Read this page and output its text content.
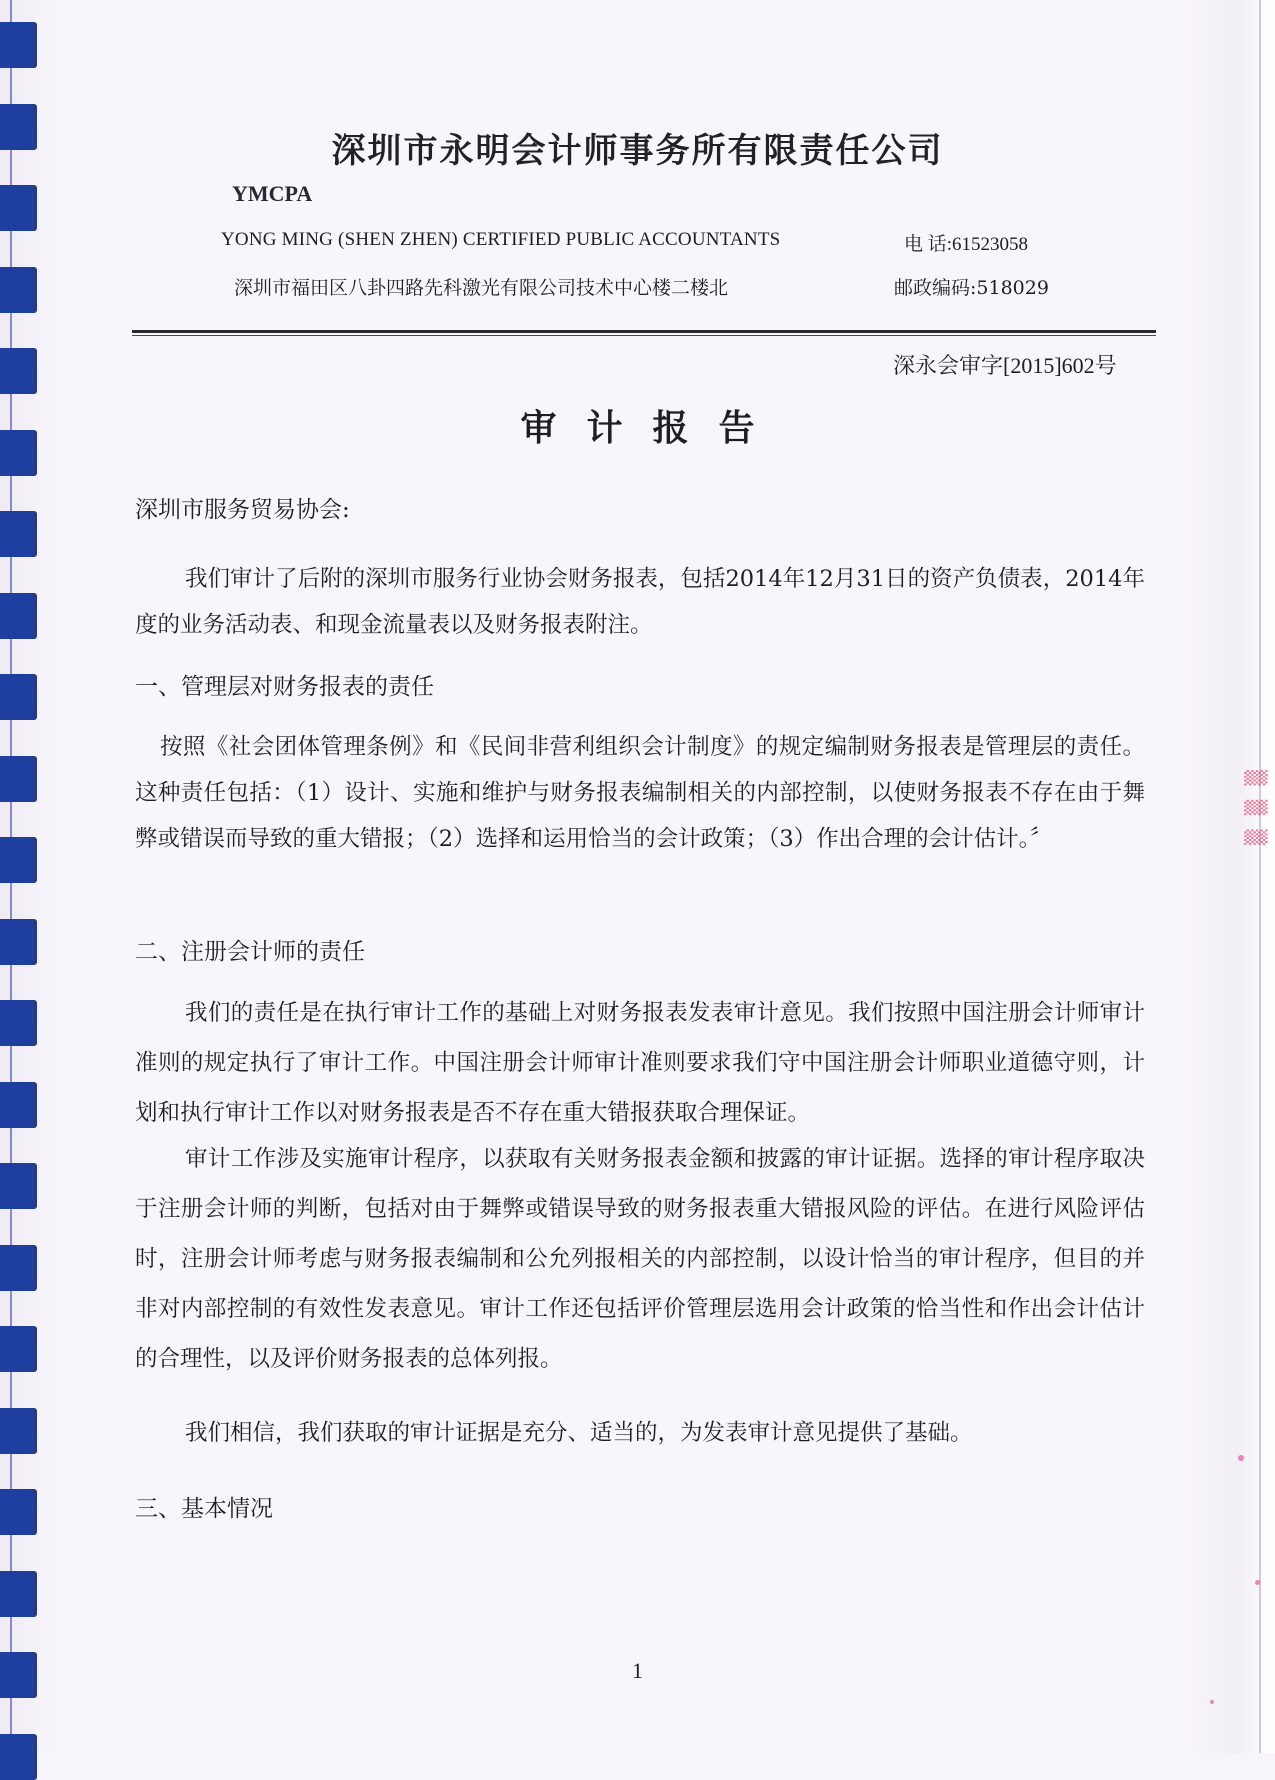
▒ ▒ ▒
深圳市永明会计师事务所有限责任公司
YMCPA
YONG MING (SHEN ZHEN) CERTIFIED PUBLIC ACCOUNTANTS	电 话:61523058
深圳市福田区八卦四路先科激光有限公司技术中心楼二楼北	邮政编码:518029
深永会审字[2015]602号
审计报告
深圳市服务贸易协会:
我们审计了后附的深圳市服务行业协会财务报表，包括2014年12月31日的资产负债表，2014年度的业务活动表、和现金流量表以及财务报表附注。
一、管理层对财务报表的责任
按照《社会团体管理条例》和《民间非营利组织会计制度》的规定编制财务报表是管理层的责任。这种责任包括：（1）设计、实施和维护与财务报表编制相关的内部控制，以使财务报表不存在由于舞弊或错误而导致的重大错报；（2）选择和运用恰当的会计政策；（3）作出合理的会计估计。〞
二、注册会计师的责任
我们的责任是在执行审计工作的基础上对财务报表发表审计意见。我们按照中国注册会计师审计准则的规定执行了审计工作。中国注册会计师审计准则要求我们守中国注册会计师职业道德守则，计划和执行审计工作以对财务报表是否不存在重大错报获取合理保证。
审计工作涉及实施审计程序，以获取有关财务报表金额和披露的审计证据。选择的审计程序取决于注册会计师的判断，包括对由于舞弊或错误导致的财务报表重大错报风险的评估。在进行风险评估时，注册会计师考虑与财务报表编制和公允列报相关的内部控制，以设计恰当的审计程序，但目的并非对内部控制的有效性发表意见。审计工作还包括评价管理层选用会计政策的恰当性和作出会计估计的合理性，以及评价财务报表的总体列报。
我们相信，我们获取的审计证据是充分、适当的，为发表审计意见提供了基础。
三、基本情况
1
